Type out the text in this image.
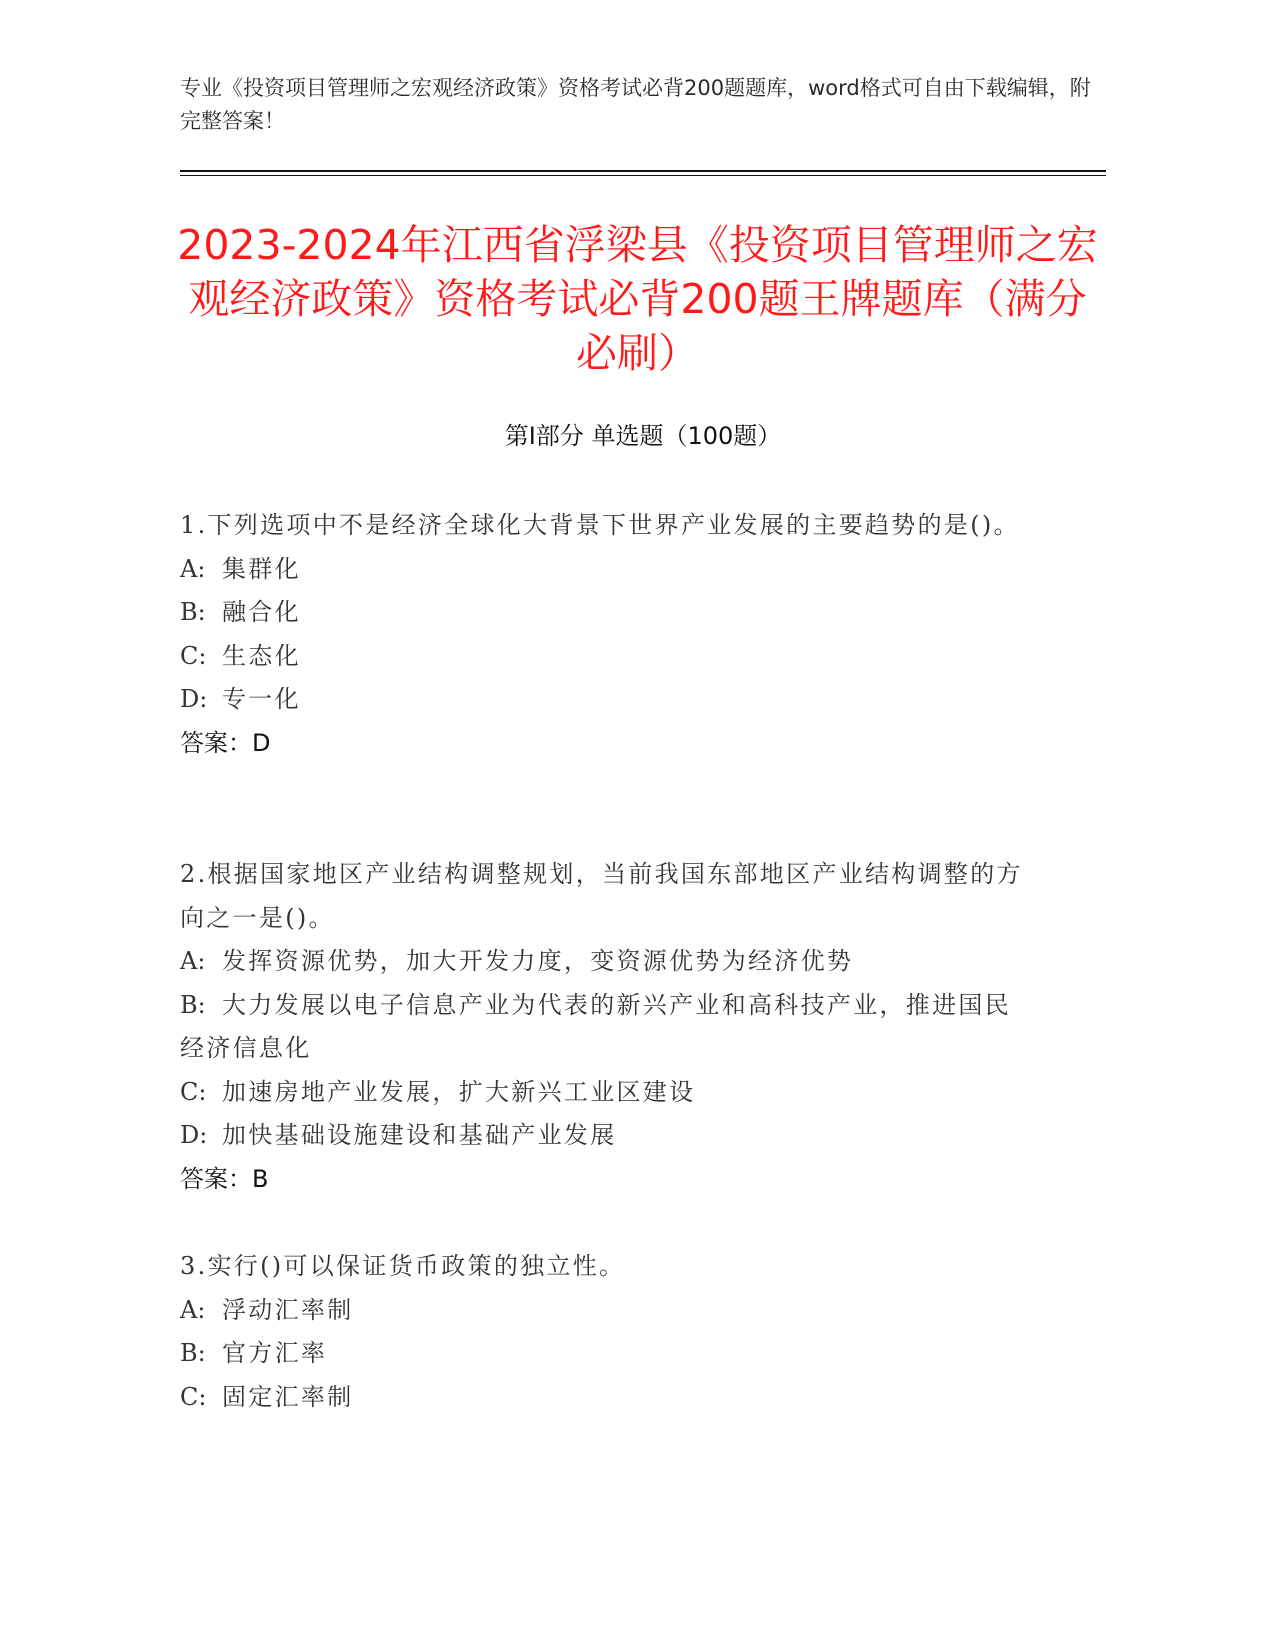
专业《投资项目管理师之宏观经济政策》资格考试必背200题题库，word格式可自由下载编辑，附完整答案！
2023-2024年江西省浮梁县《投资项目管理师之宏观经济政策》资格考试必背200题王牌题库（满分必刷）
第Ⅰ部分 单选题（100题）
1.下列选项中不是经济全球化大背景下世界产业发展的主要趋势的是()。
A: 集群化
B: 融合化
C: 生态化
D: 专一化
答案：D
2.根据国家地区产业结构调整规划，当前我国东部地区产业结构调整的方向之一是()。
A: 发挥资源优势，加大开发力度，变资源优势为经济优势
B: 大力发展以电子信息产业为代表的新兴产业和高科技产业，推进国民经济信息化
C: 加速房地产业发展，扩大新兴工业区建设
D: 加快基础设施建设和基础产业发展
答案：B
3.实行()可以保证货币政策的独立性。
A: 浮动汇率制
B: 官方汇率
C: 固定汇率制
